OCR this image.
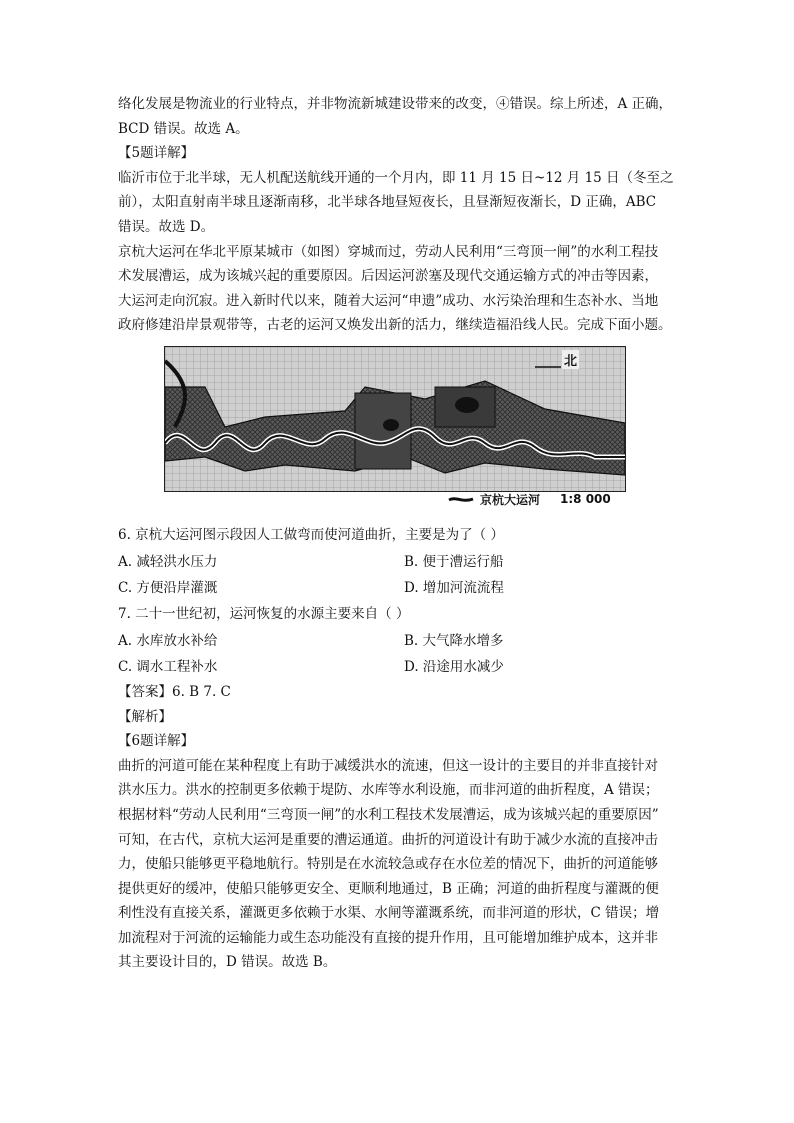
络化发展是物流业的行业特点，并非物流新城建设带来的改变，④错误。综上所述，A 正确，

BCD 错误。故选 A。

【5题详解】

临沂市位于北半球，无人机配送航线开通的一个月内，即 11 月 15 日~12 月 15 日（冬至之

前），太阳直射南半球且逐渐南移，北半球各地昼短夜长，且昼渐短夜渐长，D 正确，ABC

错误。故选 D。

京杭大运河在华北平原某城市（如图）穿城而过，劳动人民利用“三弯顶一闸”的水利工程技

术发展漕运，成为该城兴起的重要原因。后因运河淤塞及现代交通运输方式的冲击等因素，

大运河走向沉寂。进入新时代以来，随着大运河“申遗”成功、水污染治理和生态补水、当地

政府修建沿岸景观带等，古老的运河又焕发出新的活力，继续造福沿线人民。完成下面小题。

北
京杭大运河 1:8 000

6. 京杭大运河图示段因人工做弯而使河道曲折，主要是为了（ ）

A. 减轻洪水压力	B. 便于漕运行船
C. 方便沿岸灌溉	D. 增加河流流程

7. 二十一世纪初，运河恢复的水源主要来自（ ）

A. 水库放水补给	B. 大气降水增多
C. 调水工程补水	D. 沿途用水减少

【答案】6. B 7. C

【解析】

【6题详解】

曲折的河道可能在某种程度上有助于减缓洪水的流速，但这一设计的主要目的并非直接针对

洪水压力。洪水的控制更多依赖于堤防、水库等水利设施，而非河道的曲折程度，A 错误；

根据材料“劳动人民利用“三弯顶一闸”的水利工程技术发展漕运，成为该城兴起的重要原因”

可知，在古代，京杭大运河是重要的漕运通道。曲折的河道设计有助于减少水流的直接冲击

力，使船只能够更平稳地航行。特别是在水流较急或存在水位差的情况下，曲折的河道能够

提供更好的缓冲，使船只能够更安全、更顺利地通过，B 正确；河道的曲折程度与灌溉的便

利性没有直接关系，灌溉更多依赖于水渠、水闸等灌溉系统，而非河道的形状，C 错误；增

加流程对于河流的运输能力或生态功能没有直接的提升作用，且可能增加维护成本，这并非

其主要设计目的，D 错误。故选 B。
